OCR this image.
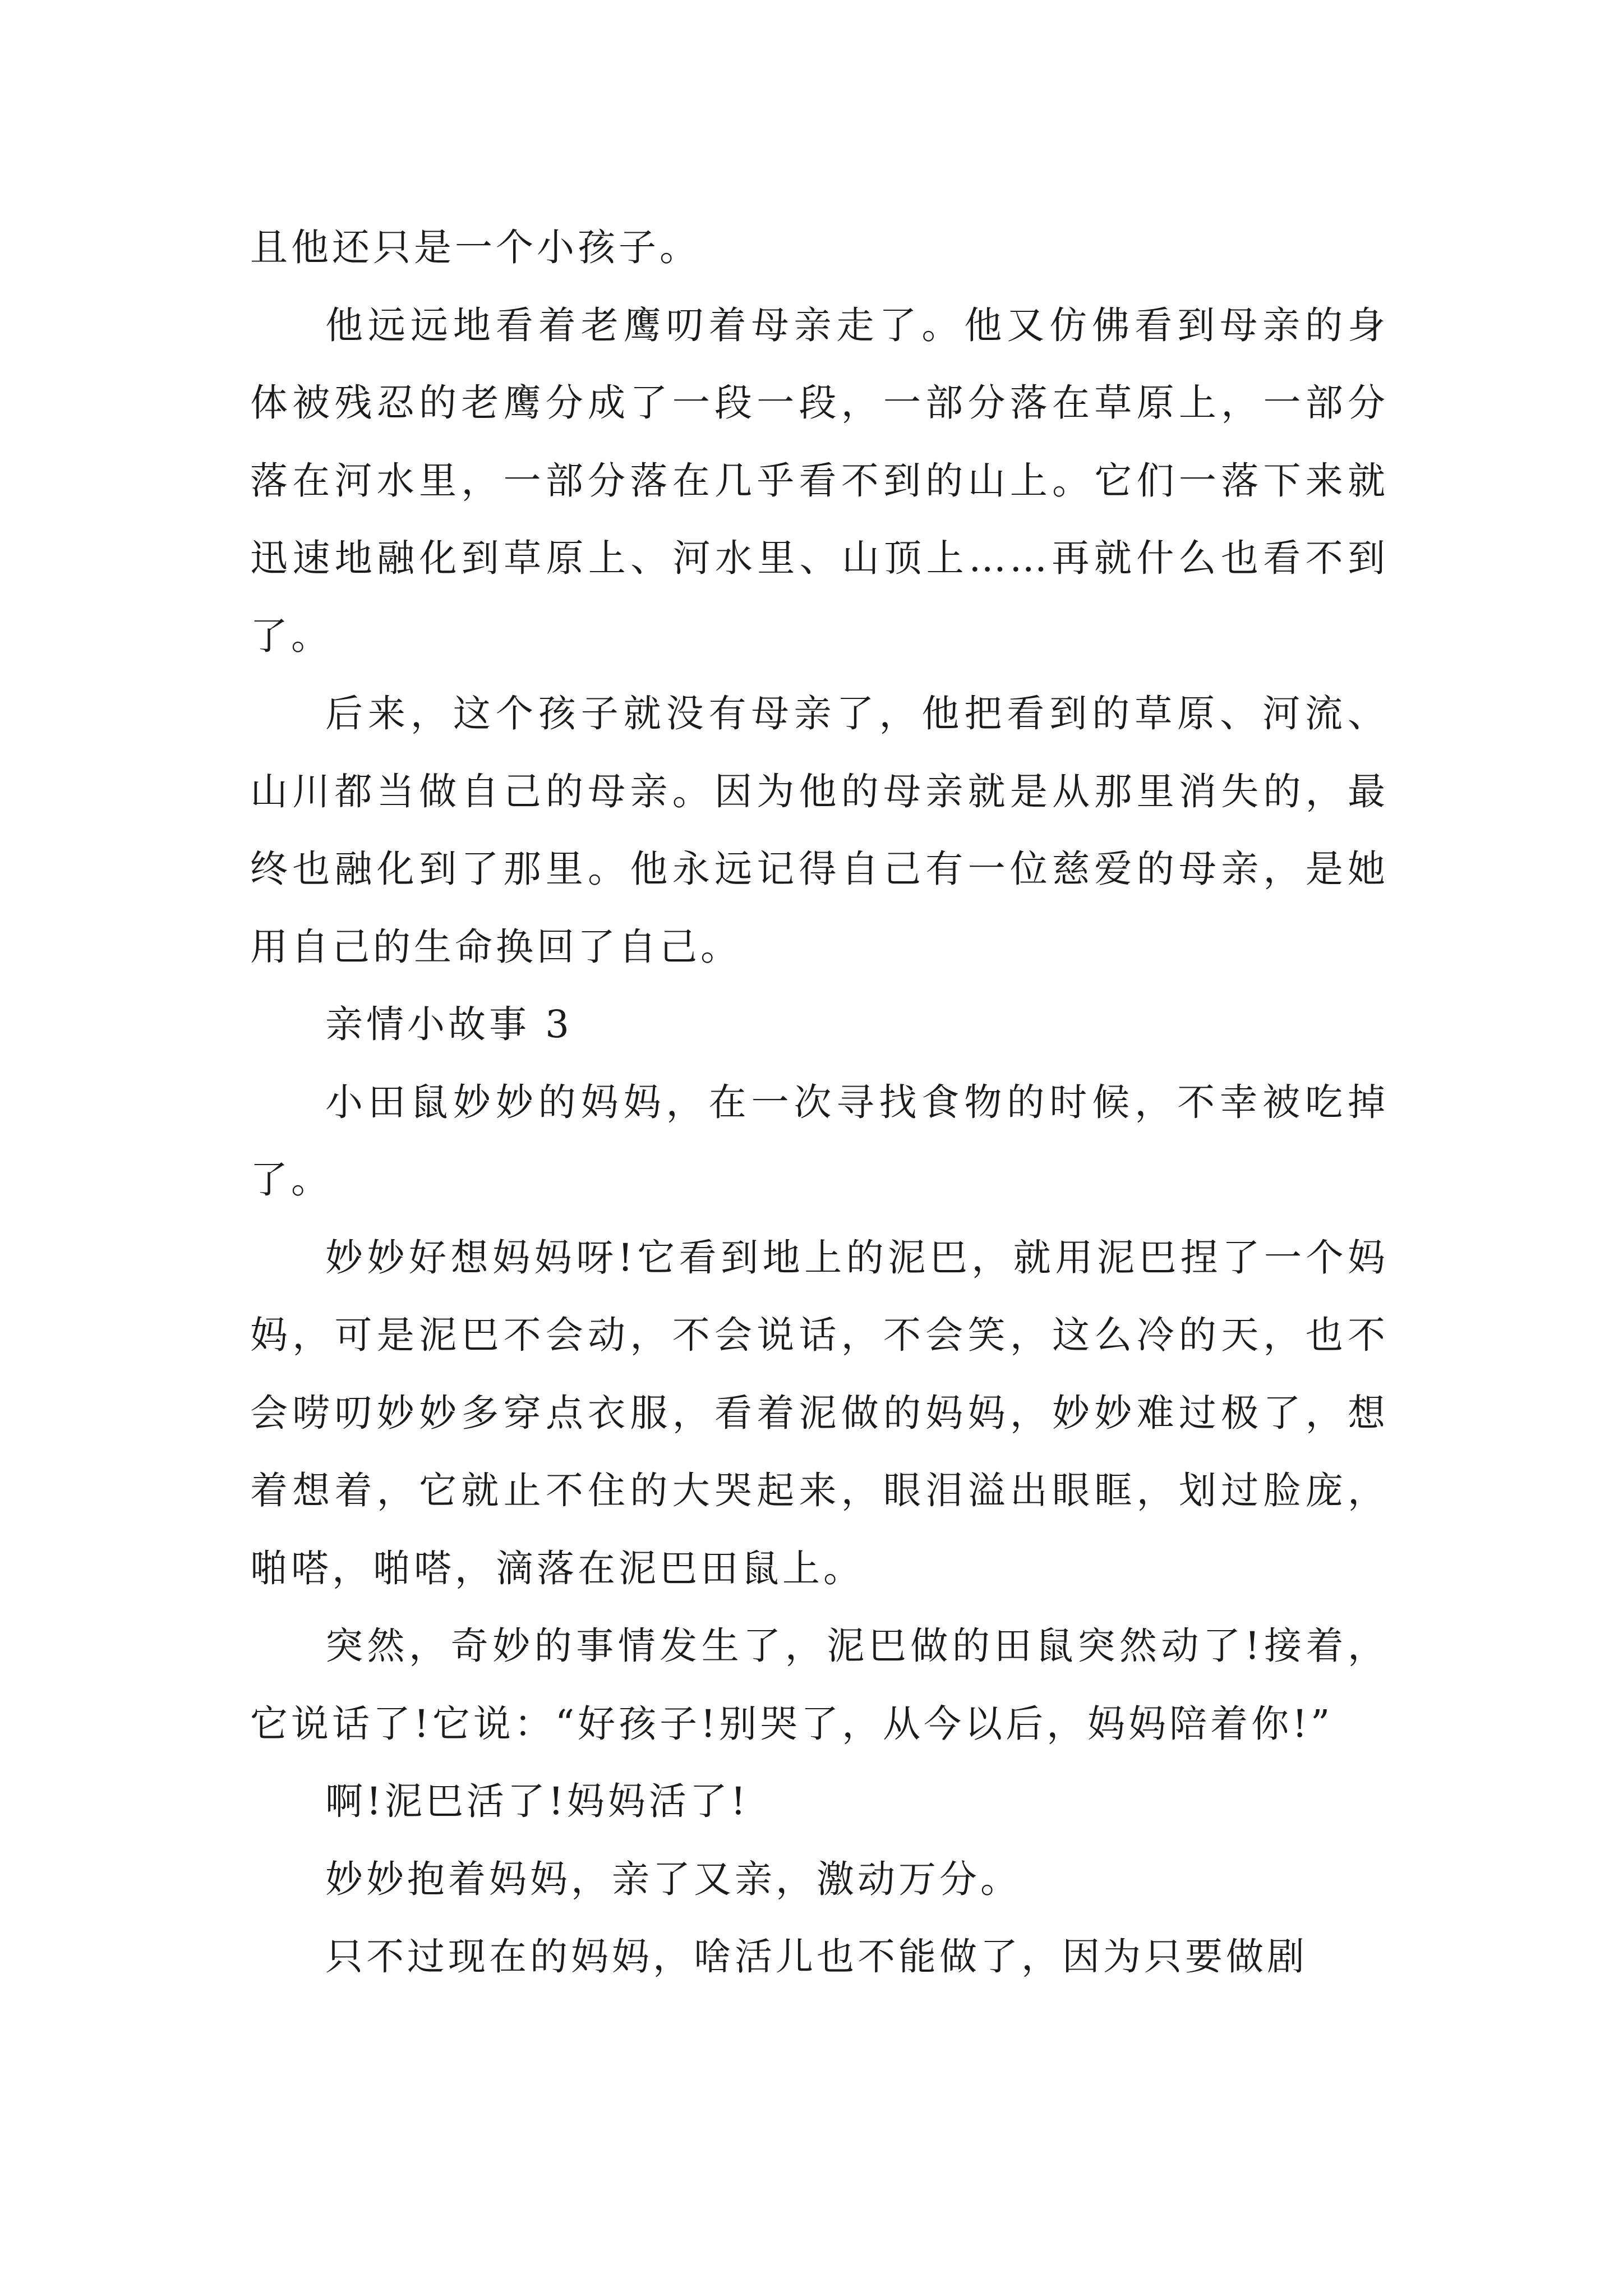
且他还只是一个小孩子。

他远远地看着老鹰叨着母亲走了。他又仿佛看到母亲的身体被残忍的老鹰分成了一段一段，一部分落在草原上，一部分落在河水里，一部分落在几乎看不到的山上。它们一落下来就迅速地融化到草原上、河水里、山顶上……再就什么也看不到了。

后来，这个孩子就没有母亲了，他把看到的草原、河流、山川都当做自己的母亲。因为他的母亲就是从那里消失的，最终也融化到了那里。他永远记得自己有一位慈爱的母亲，是她用自己的生命换回了自己。

亲情小故事 3

小田鼠妙妙的妈妈，在一次寻找食物的时候，不幸被吃掉了。

妙妙好想妈妈呀!它看到地上的泥巴，就用泥巴捏了一个妈妈，可是泥巴不会动，不会说话，不会笑，这么冷的天，也不会唠叨妙妙多穿点衣服，看着泥做的妈妈，妙妙难过极了，想着想着，它就止不住的大哭起来，眼泪溢出眼眶，划过脸庞，啪嗒，啪嗒，滴落在泥巴田鼠上。

突然，奇妙的事情发生了，泥巴做的田鼠突然动了!接着，它说话了!它说：“好孩子!别哭了，从今以后，妈妈陪着你!”

啊!泥巴活了!妈妈活了!

妙妙抱着妈妈，亲了又亲，激动万分。

只不过现在的妈妈，啥活儿也不能做了，因为只要做剧
